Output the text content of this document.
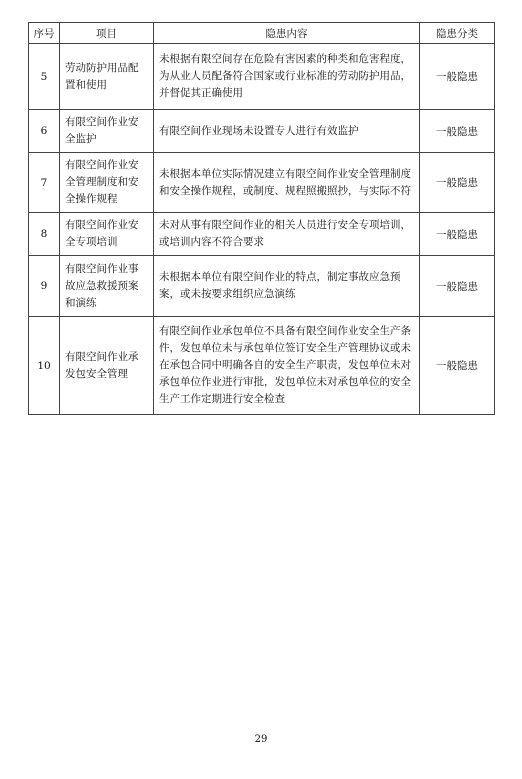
序号	项目	隐患内容	隐患分类
5	劳动防护用品配置和使用	未根据有限空间存在危险有害因素的种类和危害程度，为从业人员配备符合国家或行业标准的劳动防护用品，并督促其正确使用	一般隐患
6	有限空间作业安全监护	有限空间作业现场未设置专人进行有效监护	一般隐患
7	有限空间作业安全管理制度和安全操作规程	未根据本单位实际情况建立有限空间作业安全管理制度和安全操作规程，或制度、规程照搬照抄，与实际不符	一般隐患
8	有限空间作业安全专项培训	未对从事有限空间作业的相关人员进行安全专项培训，或培训内容不符合要求	一般隐患
9	有限空间作业事故应急救援预案和演练	未根据本单位有限空间作业的特点，制定事故应急预案，或未按要求组织应急演练	一般隐患
10	有限空间作业承发包安全管理	有限空间作业承包单位不具备有限空间作业安全生产条件，发包单位未与承包单位签订安全生产管理协议或未在承包合同中明确各自的安全生产职责，发包单位未对承包单位作业进行审批，发包单位未对承包单位的安全生产工作定期进行安全检查	一般隐患
29
